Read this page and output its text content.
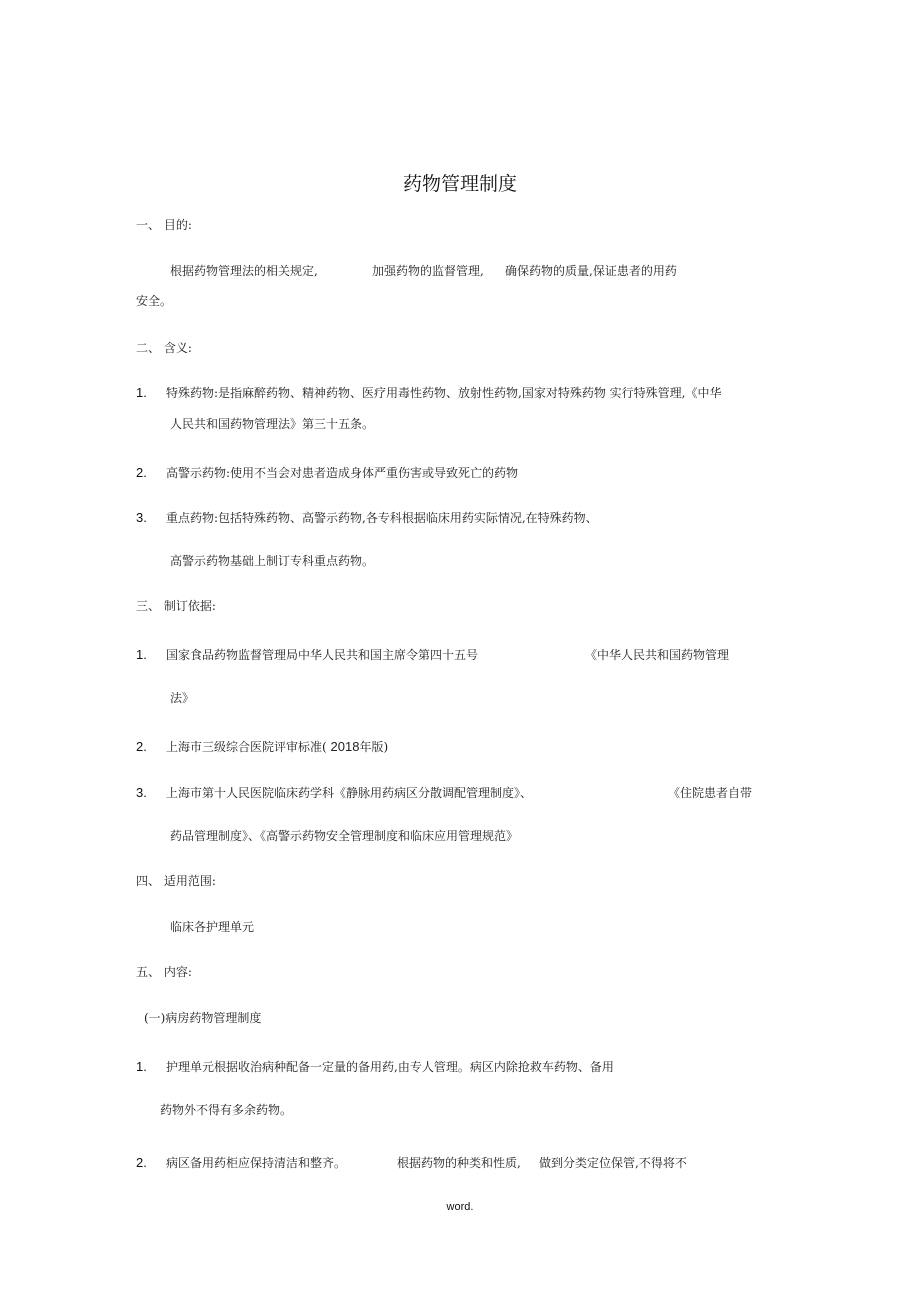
药物管理制度
一、 目的:
根据药物管理法的相关规定,	加强药物的监督管理, 确保药物的质量,保证患者的用药
安全。
二、 含义:
1. 特殊药物:是指麻醉药物、精神药物、医疗用毒性药物、放射性药物,国家对特殊药物 实行特殊管理,《中华
人民共和国药物管理法》第三十五条。
2. 高警示药物:使用不当会对患者造成身体严重伤害或导致死亡的药物
3. 重点药物:包括特殊药物、高警示药物,各专科根据临床用药实际情况,在特殊药物、
高警示药物基础上制订专科重点药物。
三、 制订依据:
1. 国家食品药物监督管理局中华人民共和国主席令第四十五号	《中华人民共和国药物管理
法》
2. 上海市三级综合医院评审标准( 2018年版)
3. 上海市第十人民医院临床药学科《静脉用药病区分散调配管理制度》、	《住院患者自带
药品管理制度》、《高警示药物安全管理制度和临床应用管理规范》
四、 适用范围:
临床各护理单元
五、 内容:
(一)病房药物管理制度
1. 护理单元根据收治病种配备一定量的备用药,由专人管理。病区内除抢救车药物、备用
药物外不得有多余药物。
2. 病区备用药柜应保持清洁和整齐。	根据药物的种类和性质, 做到分类定位保管,不得将不
word.
